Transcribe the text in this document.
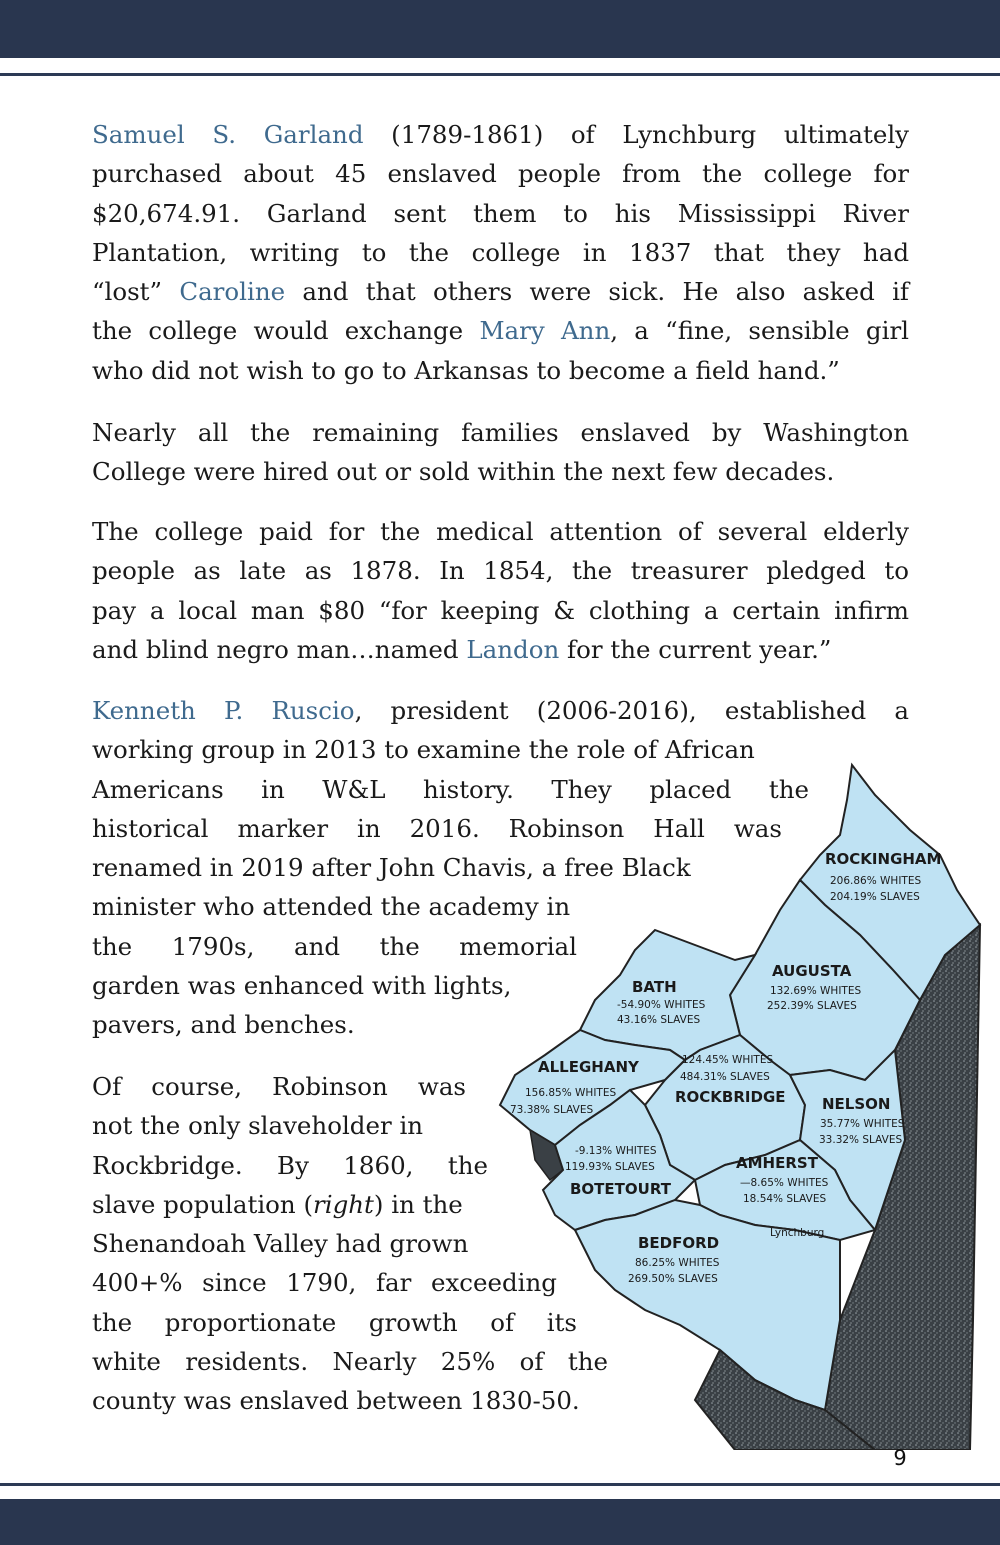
Samuel S. Garland (1789-1861) of Lynchburg ultimately
purchased about 45 enslaved people from the college for
$20,674.91. Garland sent them to his Mississippi River
Plantation, writing to the college in 1837 that they had
“lost” Caroline and that others were sick. He also asked if
the college would exchange Mary Ann, a “fine, sensible girl
who did not wish to go to Arkansas to become a field hand.”
Nearly all the remaining families enslaved by Washington
College were hired out or sold within the next few decades.
The college paid for the medical attention of several elderly
people as late as 1878. In 1854, the treasurer pledged to
pay a local man $80 “for keeping & clothing a certain infirm
and blind negro man…named Landon for the current year.”
Kenneth P. Ruscio, president (2006-2016), established a
working group in 2013 to examine the role of African
Americans in W&L history. They placed the
historical marker in 2016. Robinson Hall was
renamed in 2019 after John Chavis, a free Black
minister who attended the academy in
the 1790s, and the memorial
garden was enhanced with lights,
pavers, and benches.
Of course, Robinson was
not the only slaveholder in
Rockbridge. By 1860, the
slave population (right) in the
Shenandoah Valley had grown
400+% since 1790, far exceeding
the proportionate growth of its
white residents. Nearly 25% of the
county was enslaved between 1830-50.
ROCKINGHAM
206.86% WHITES
204.19% SLAVES
AUGUSTA
132.69% WHITES
252.39% SLAVES
BATH
-54.90% WHITES
43.16% SLAVES
ALLEGHANY
156.85% WHITES
73.38% SLAVES
124.45% WHITES
484.31% SLAVES
ROCKBRIDGE NELSON
35.77% WHITES
33.32% SLAVES
-9.13% WHITES
119.93% SLAVES
BOTETOURT
AMHERST
—8.65% WHITES
18.54% SLAVES
Lynchburg
BEDFORD
86.25% WHITES
269.50% SLAVES
9
